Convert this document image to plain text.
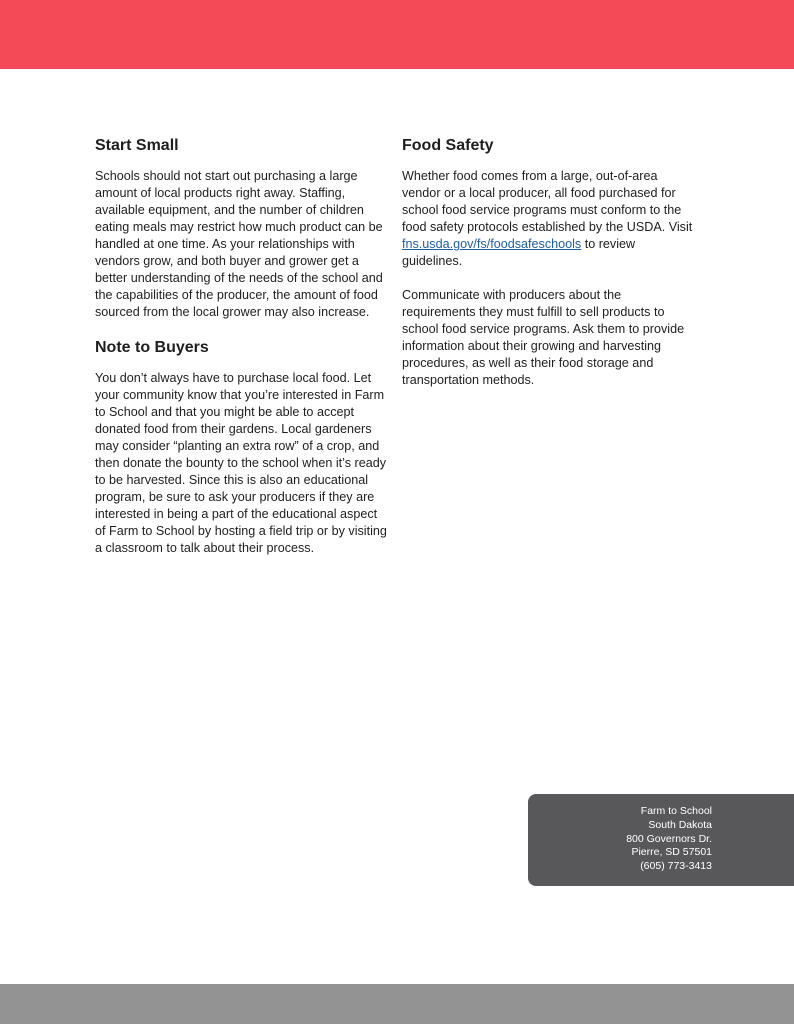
Start Small

Schools should not start out purchasing a large amount of local products right away. Staffing, available equipment, and the number of children eating meals may restrict how much product can be handled at one time. As your relationships with vendors grow, and both buyer and grower get a better understanding of the needs of the school and the capabilities of the producer, the amount of food sourced from the local grower may also increase.

Note to Buyers

You don’t always have to purchase local food. Let your community know that you’re interested in Farm to School and that you might be able to accept donated food from their gardens. Local gardeners may consider “planting an extra row” of a crop, and then donate the bounty to the school when it’s ready to be harvested. Since this is also an educational program, be sure to ask your producers if they are interested in being a part of the educational aspect of Farm to School by hosting a field trip or by visiting a classroom to talk about their process.

Food Safety

Whether food comes from a large, out-of-area vendor or a local producer, all food purchased for school food service programs must conform to the food safety protocols established by the USDA. Visit fns.usda.gov/fs/foodsafeschools to review guidelines.

Communicate with producers about the requirements they must fulfill to sell products to school food service programs. Ask them to provide information about their growing and harvesting procedures, as well as their food storage and transportation methods.

Farm to School
South Dakota
800 Governors Dr.
Pierre, SD 57501
(605) 773-3413
